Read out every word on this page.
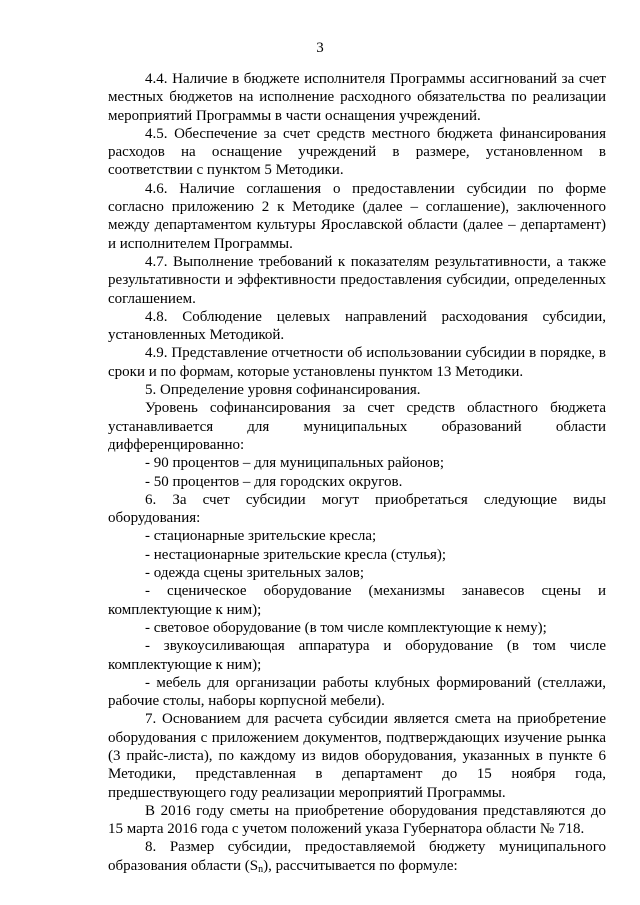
3

4.4. Наличие в бюджете исполнителя Программы ассигнований за счет местных бюджетов на исполнение расходного обязательства по реализации мероприятий Программы в части оснащения учреждений.

4.5. Обеспечение за счет средств местного бюджета финансирования расходов на оснащение учреждений в размере, установленном в соответствии с пунктом 5 Методики.

4.6. Наличие соглашения о предоставлении субсидии по форме согласно приложению 2 к Методике (далее – соглашение), заключенного между департаментом культуры Ярославской области (далее – департамент) и исполнителем Программы.

4.7. Выполнение требований к показателям результативности, а также результативности и эффективности предоставления субсидии, определенных соглашением.

4.8. Соблюдение целевых направлений расходования субсидии, установленных Методикой.

4.9. Представление отчетности об использовании субсидии в порядке, в сроки и по формам, которые установлены пунктом 13 Методики.

5. Определение уровня софинансирования.

Уровень софинансирования за счет средств областного бюджета устанавливается для муниципальных образований области дифференцированно:

- 90 процентов – для муниципальных районов;

- 50 процентов – для городских округов.

6. За счет субсидии могут приобретаться следующие виды оборудования:

- стационарные зрительские кресла;

- нестационарные зрительские кресла (стулья);

- одежда сцены зрительных залов;

- сценическое оборудование (механизмы занавесов сцены и комплектующие к ним);

- световое оборудование (в том числе комплектующие к нему);

- звукоусиливающая аппаратура и оборудование (в том числе комплектующие к ним);

- мебель для организации работы клубных формирований (стеллажи, рабочие столы, наборы корпусной мебели).

7. Основанием для расчета субсидии является смета на приобретение оборудования с приложением документов, подтверждающих изучение рынка (3 прайс-листа), по каждому из видов оборудования, указанных в пункте 6 Методики, представленная в департамент до 15 ноября года, предшествующего году реализации мероприятий Программы.

В 2016 году сметы на приобретение оборудования представляются до 15 марта 2016 года с учетом положений указа Губернатора области № 718.

8. Размер субсидии, предоставляемой бюджету муниципального образования области $(S_n)$, рассчитывается по формуле:
